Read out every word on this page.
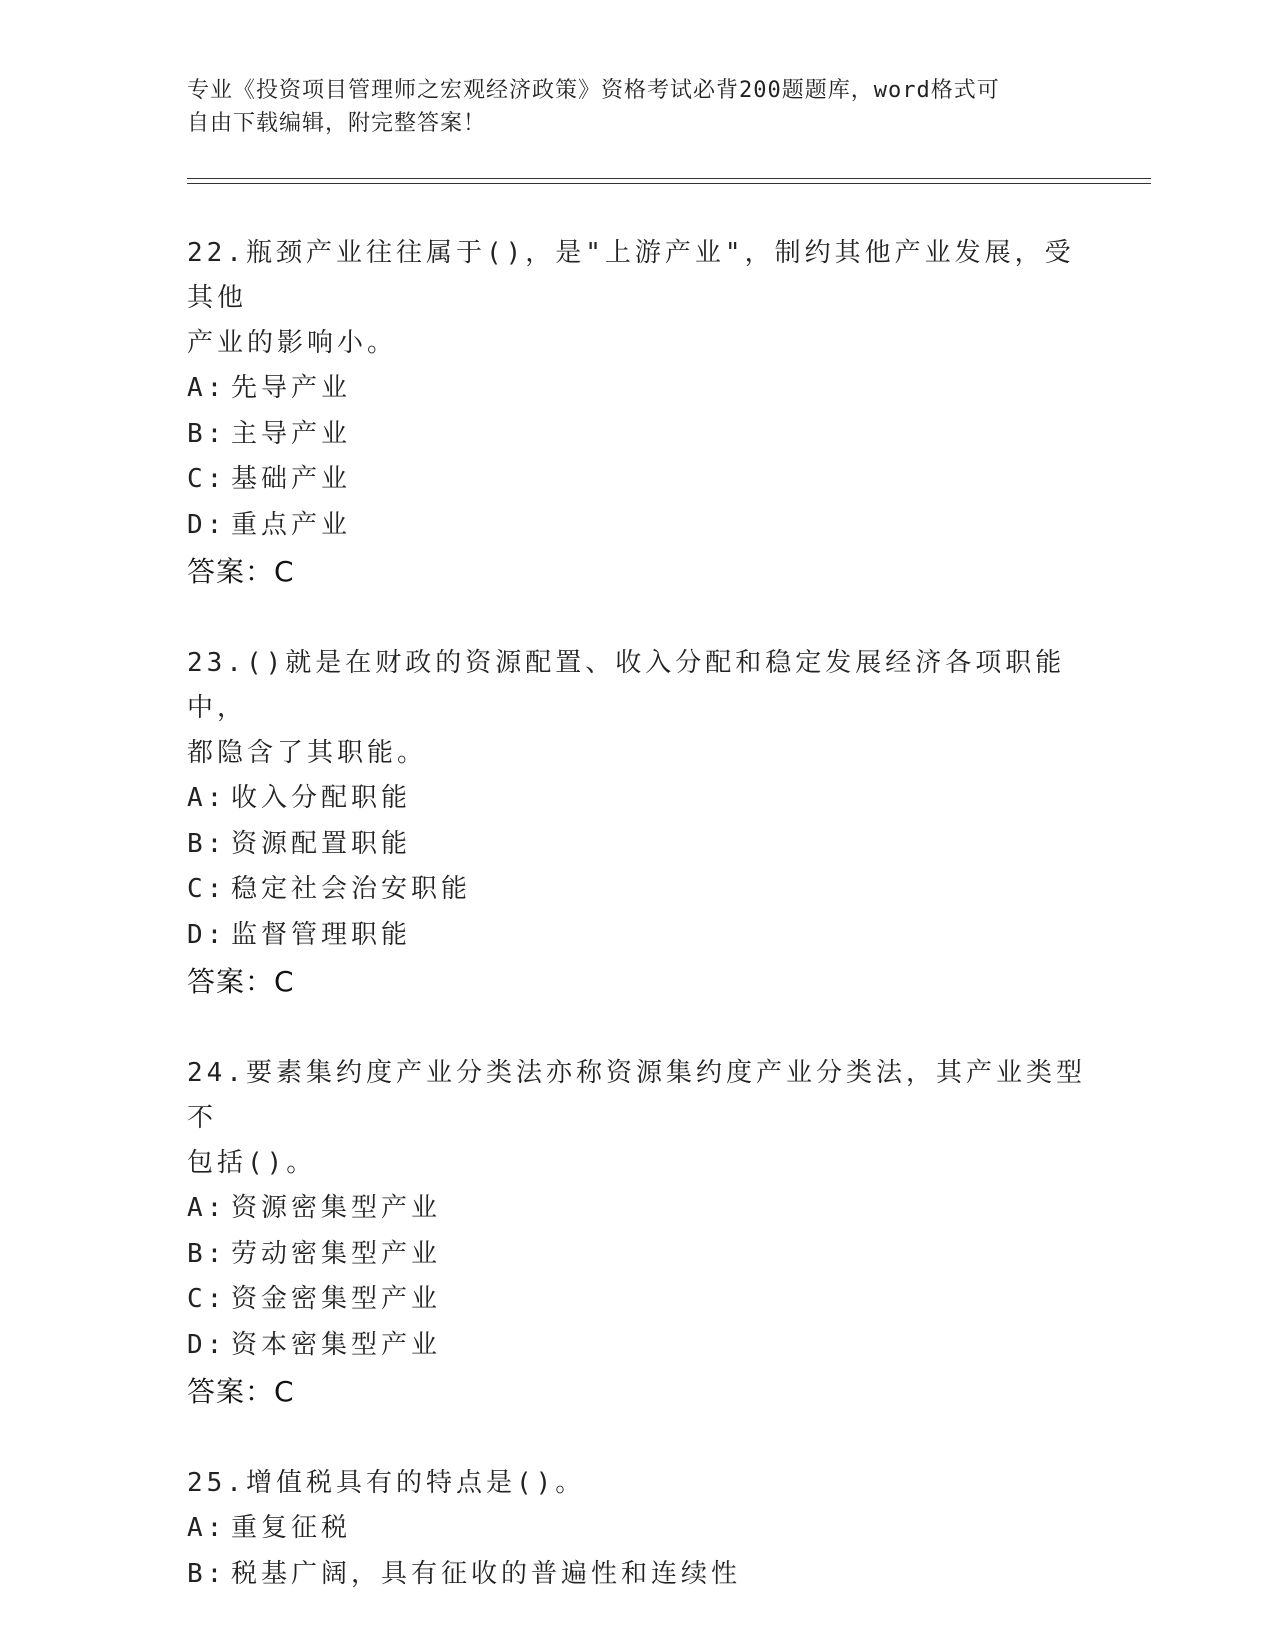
专业《投资项目管理师之宏观经济政策》资格考试必背200题题库，word格式可
自由下载编辑，附完整答案！
22.瓶颈产业往往属于()，是"上游产业"，制约其他产业发展，受其他
产业的影响小。
A: 先导产业
B: 主导产业
C: 基础产业
D: 重点产业
答案：C
23.()就是在财政的资源配置、收入分配和稳定发展经济各项职能中，
都隐含了其职能。
A: 收入分配职能
B: 资源配置职能
C: 稳定社会治安职能
D: 监督管理职能
答案：C
24.要素集约度产业分类法亦称资源集约度产业分类法，其产业类型不
包括()。
A: 资源密集型产业
B: 劳动密集型产业
C: 资金密集型产业
D: 资本密集型产业
答案：C
25.增值税具有的特点是()。
A: 重复征税
B: 税基广阔，具有征收的普遍性和连续性
